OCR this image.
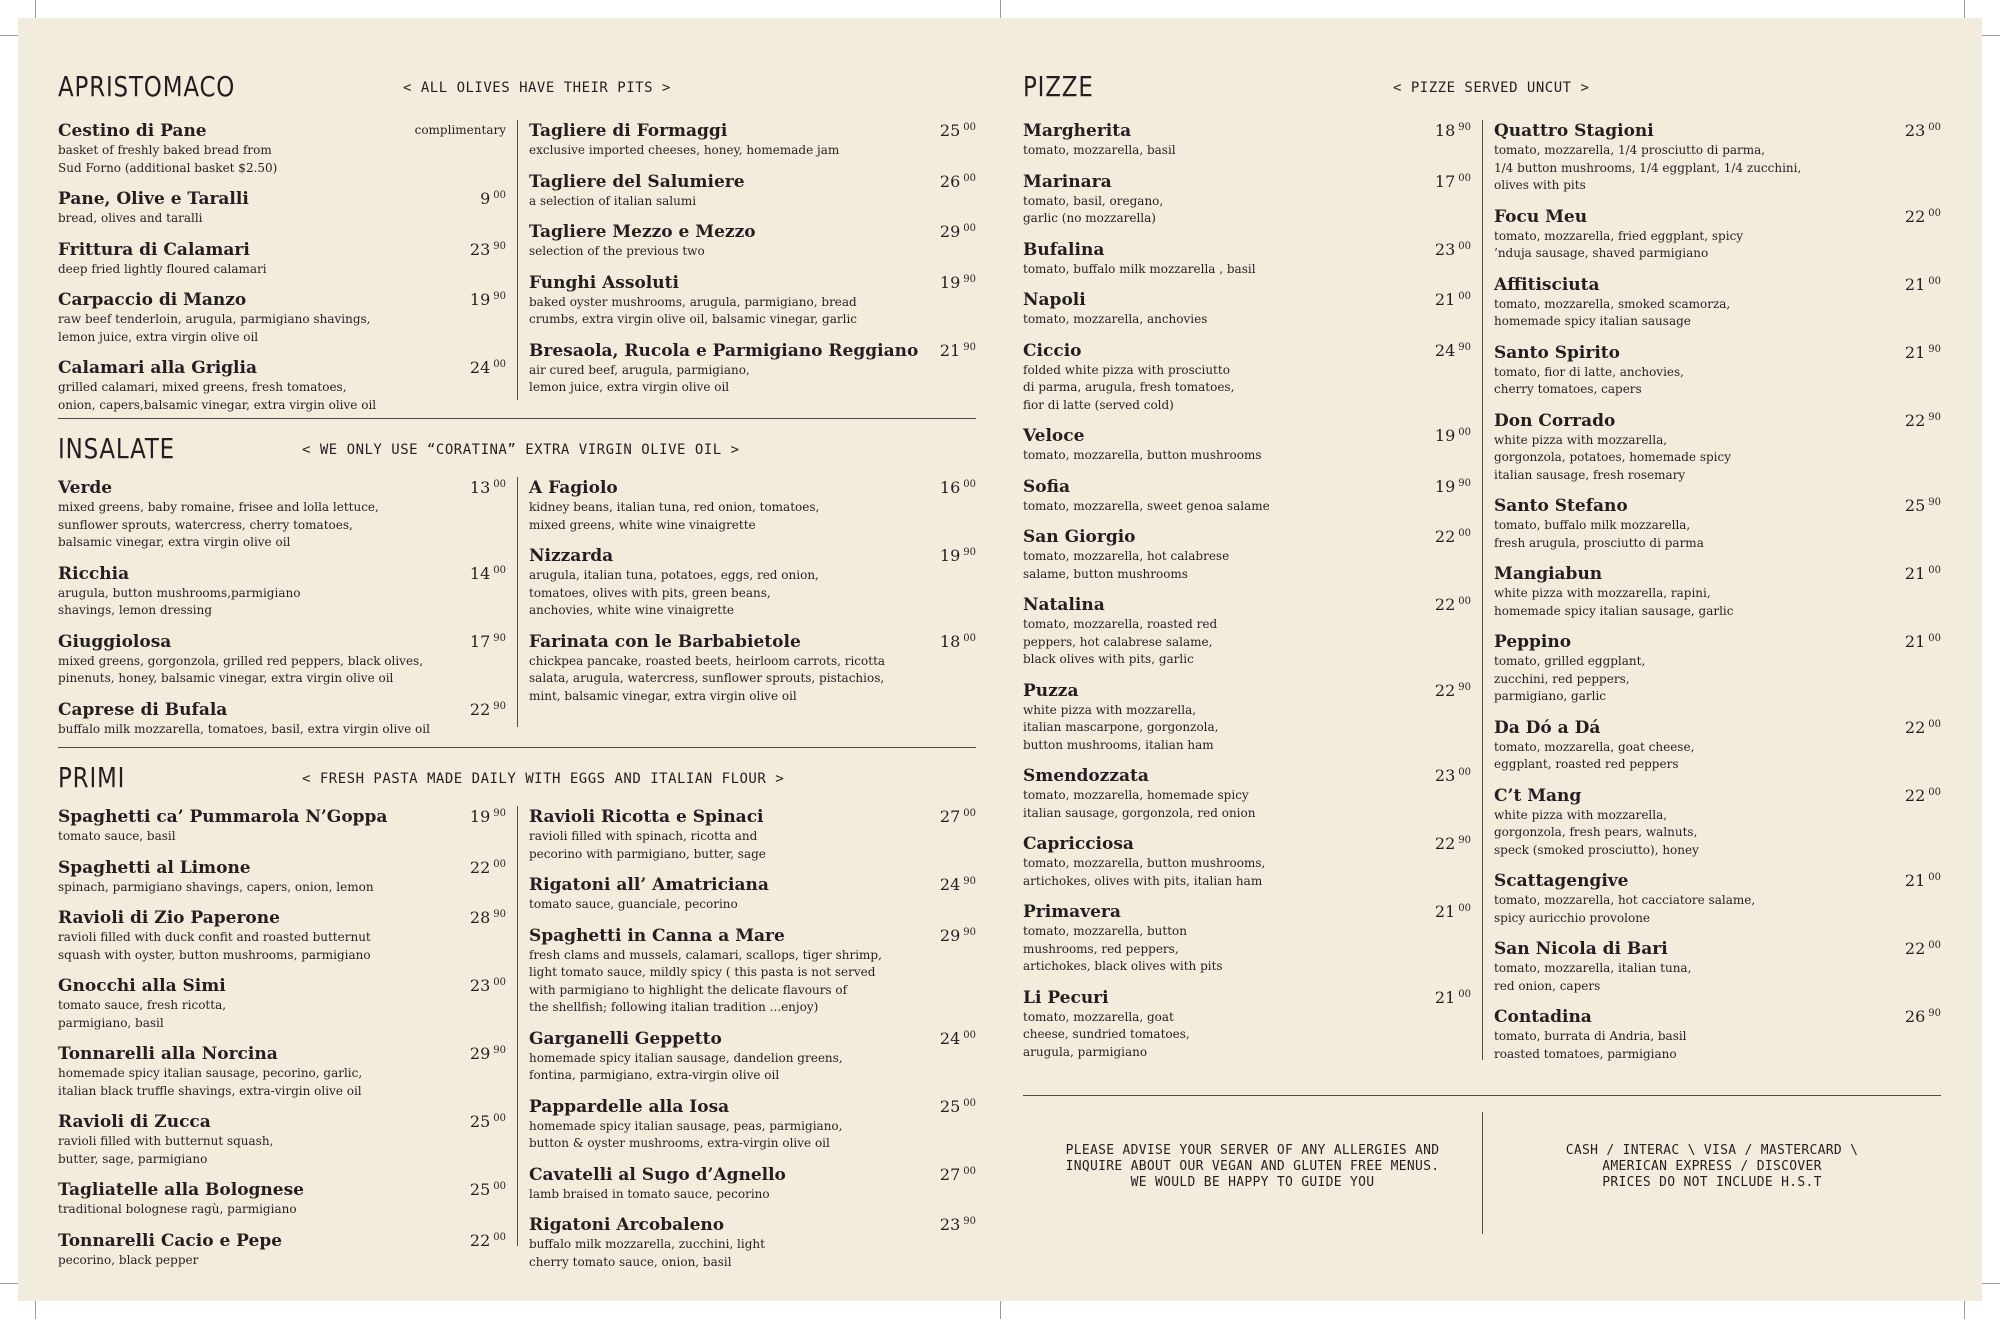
APRISTOMACO	< ALL OLIVES HAVE THEIR PITS >
complimentary
Cestino di Pane
basket of freshly baked bread from
Sud Forno (additional basket $2.50)
9 $^{00}$
Pane, Olive e Taralli
bread, olives and taralli
23 $^{90}$
Frittura di Calamari
deep fried lightly floured calamari
19 $^{90}$
Carpaccio di Manzo
raw beef tenderloin, arugula, parmigiano shavings,
lemon juice, extra virgin olive oil
24 $^{00}$
Calamari alla Griglia
grilled calamari, mixed greens, fresh tomatoes,
onion, capers,balsamic vinegar, extra virgin olive oil
25 $^{00}$
Tagliere di Formaggi
exclusive imported cheeses, honey, homemade jam
26 $^{00}$
Tagliere del Salumiere
a selection of italian salumi
29 $^{00}$
Tagliere Mezzo e Mezzo
selection of the previous two
19 $^{90}$
Funghi Assoluti
baked oyster mushrooms, arugula, parmigiano, bread
crumbs, extra virgin olive oil, balsamic vinegar, garlic
21 $^{90}$
Bresaola, Rucola e Parmigiano Reggiano
air cured beef, arugula, parmigiano,
lemon juice, extra virgin olive oil
INSALATE	< WE ONLY USE “CORATINA” EXTRA VIRGIN OLIVE OIL >
13 $^{00}$
Verde
mixed greens, baby romaine, frisee and lolla lettuce,
sunflower sprouts, watercress, cherry tomatoes,
balsamic vinegar, extra virgin olive oil
14 $^{00}$
Ricchia
arugula, button mushrooms,parmigiano
shavings, lemon dressing
17 $^{90}$
Giuggiolosa
mixed greens, gorgonzola, grilled red peppers, black olives,
pinenuts, honey, balsamic vinegar, extra virgin olive oil
22 $^{90}$
Caprese di Bufala
buffalo milk mozzarella, tomatoes, basil, extra virgin olive oil
16 $^{00}$
A Fagiolo
kidney beans, italian tuna, red onion, tomatoes,
mixed greens, white wine vinaigrette
19 $^{90}$
Nizzarda
arugula, italian tuna, potatoes, eggs, red onion,
tomatoes, olives with pits, green beans,
anchovies, white wine vinaigrette
18 $^{00}$
Farinata con le Barbabietole
chickpea pancake, roasted beets, heirloom carrots, ricotta
salata, arugula, watercress, sunflower sprouts, pistachios,
mint, balsamic vinegar, extra virgin olive oil
PRIMI	< FRESH PASTA MADE DAILY WITH EGGS AND ITALIAN FLOUR >
19 $^{90}$
Spaghetti ca’ Pummarola N’Goppa
tomato sauce, basil
22 $^{00}$
Spaghetti al Limone
spinach, parmigiano shavings, capers, onion, lemon
28 $^{90}$
Ravioli di Zio Paperone
ravioli filled with duck confit and roasted butternut
squash with oyster, button mushrooms, parmigiano
23 $^{00}$
Gnocchi alla Simi
tomato sauce, fresh ricotta,
parmigiano, basil
29 $^{90}$
Tonnarelli alla Norcina
homemade spicy italian sausage, pecorino, garlic,
italian black truffle shavings, extra-virgin olive oil
25 $^{00}$
Ravioli di Zucca
ravioli filled with butternut squash,
butter, sage, parmigiano
25 $^{00}$
Tagliatelle alla Bolognese
traditional bolognese ragù, parmigiano
22 $^{00}$
Tonnarelli Cacio e Pepe
pecorino, black pepper
27 $^{00}$
Ravioli Ricotta e Spinaci
ravioli filled with spinach, ricotta and
pecorino with parmigiano, butter, sage
24 $^{90}$
Rigatoni all’ Amatriciana
tomato sauce, guanciale, pecorino
29 $^{90}$
Spaghetti in Canna a Mare
fresh clams and mussels, calamari, scallops, tiger shrimp,
light tomato sauce, mildly spicy ( this pasta is not served
with parmigiano to highlight the delicate flavours of
the shellfish; following italian tradition ...enjoy)
24 $^{00}$
Garganelli Geppetto
homemade spicy italian sausage, dandelion greens,
fontina, parmigiano, extra-virgin olive oil
25 $^{00}$
Pappardelle alla Iosa
homemade spicy italian sausage, peas, parmigiano,
button & oyster mushrooms, extra-virgin olive oil
27 $^{00}$
Cavatelli al Sugo d’Agnello
lamb braised in tomato sauce, pecorino
23 $^{90}$
Rigatoni Arcobaleno
buffalo milk mozzarella, zucchini, light
cherry tomato sauce, onion, basil
PIZZE	< PIZZE SERVED UNCUT >
18 $^{90}$
Margherita
tomato, mozzarella, basil
17 $^{00}$
Marinara
tomato, basil, oregano,
garlic (no mozzarella)
23 $^{00}$
Bufalina
tomato, buffalo milk mozzarella , basil
21 $^{00}$
Napoli
tomato, mozzarella, anchovies
24 $^{90}$
Ciccio
folded white pizza with prosciutto
di parma, arugula, fresh tomatoes,
fior di latte (served cold)
19 $^{00}$
Veloce
tomato, mozzarella, button mushrooms
19 $^{90}$
Sofia
tomato, mozzarella, sweet genoa salame
22 $^{00}$
San Giorgio
tomato, mozzarella, hot calabrese
salame, button mushrooms
22 $^{00}$
Natalina
tomato, mozzarella, roasted red
peppers, hot calabrese salame,
black olives with pits, garlic
22 $^{90}$
Puzza
white pizza with mozzarella,
italian mascarpone, gorgonzola,
button mushrooms, italian ham
23 $^{00}$
Smendozzata
tomato, mozzarella, homemade spicy
italian sausage, gorgonzola, red onion
22 $^{90}$
Capricciosa
tomato, mozzarella, button mushrooms,
artichokes, olives with pits, italian ham
21 $^{00}$
Primavera
tomato, mozzarella, button
mushrooms, red peppers,
artichokes, black olives with pits
21 $^{00}$
Li Pecuri
tomato, mozzarella, goat
cheese, sundried tomatoes,
arugula, parmigiano
23 $^{00}$
Quattro Stagioni
tomato, mozzarella, 1/4 prosciutto di parma,
1/4 button mushrooms, 1/4 eggplant, 1/4 zucchini,
olives with pits
22 $^{00}$
Focu Meu
tomato, mozzarella, fried eggplant, spicy
’nduja sausage, shaved parmigiano
21 $^{00}$
Affitisciuta
tomato, mozzarella, smoked scamorza,
homemade spicy italian sausage
21 $^{90}$
Santo Spirito
tomato, fior di latte, anchovies,
cherry tomatoes, capers
22 $^{90}$
Don Corrado
white pizza with mozzarella,
gorgonzola, potatoes, homemade spicy
italian sausage, fresh rosemary
25 $^{90}$
Santo Stefano
tomato, buffalo milk mozzarella,
fresh arugula, prosciutto di parma
21 $^{00}$
Mangiabun
white pizza with mozzarella, rapini,
homemade spicy italian sausage, garlic
21 $^{00}$
Peppino
tomato, grilled eggplant,
zucchini, red peppers,
parmigiano, garlic
22 $^{00}$
Da Dó a Dá
tomato, mozzarella, goat cheese,
eggplant, roasted red peppers
22 $^{00}$
C’t Mang
white pizza with mozzarella,
gorgonzola, fresh pears, walnuts,
speck (smoked prosciutto), honey
21 $^{00}$
Scattagengive
tomato, mozzarella, hot cacciatore salame,
spicy auricchio provolone
22 $^{00}$
San Nicola di Bari
tomato, mozzarella, italian tuna,
red onion, capers
26 $^{90}$
Contadina
tomato, burrata di Andria, basil
roasted tomatoes, parmigiano
PLEASE ADVISE YOUR SERVER OF ANY ALLERGIES AND
INQUIRE ABOUT OUR VEGAN AND GLUTEN FREE MENUS.
WE WOULD BE HAPPY TO GUIDE YOU
CASH / INTERAC \ VISA / MASTERCARD \
AMERICAN EXPRESS / DISCOVER
PRICES DO NOT INCLUDE H.S.T
